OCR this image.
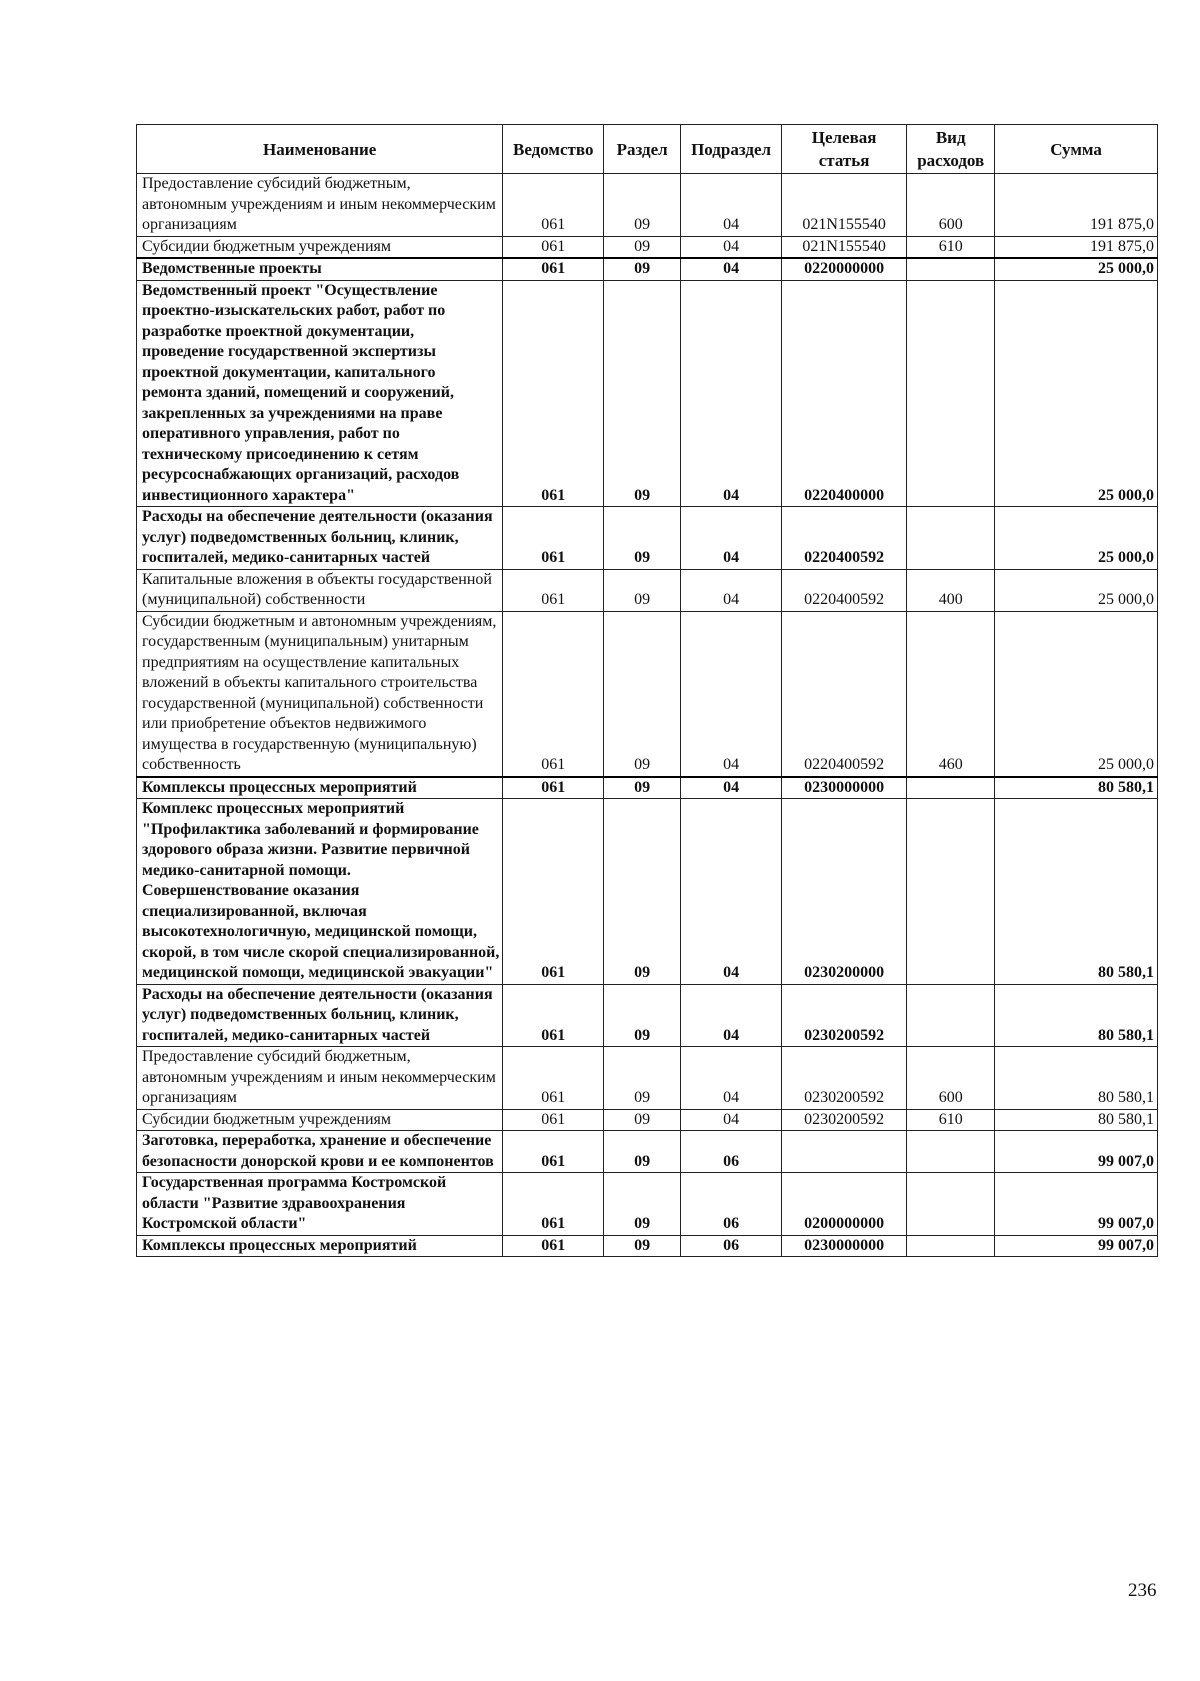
Наименование	Ведомство	Раздел	Подраздел	Целевая статья	Вид расходов	Сумма
Предоставление субсидий бюджетным, автономным учреждениям и иным некоммерческим организациям	061	09	04	021N155540	600	191 875,0
Субсидии бюджетным учреждениям	061	09	04	021N155540	610	191 875,0
Ведомственные проекты	061	09	04	0220000000		25 000,0
Ведомственный проект "Осуществление проектно-изыскательских работ, работ по разработке проектной документации, проведение государственной экспертизы проектной документации, капитального ремонта зданий, помещений и сооружений, закрепленных за учреждениями на праве оперативного управления, работ по техническому присоединению к сетям ресурсоснабжающих организаций, расходов инвестиционного характера"	061	09	04	0220400000		25 000,0
Расходы на обеспечение деятельности (оказания услуг) подведомственных больниц, клиник, госпиталей, медико-санитарных частей	061	09	04	0220400592		25 000,0
Капитальные вложения в объекты государственной (муниципальной) собственности	061	09	04	0220400592	400	25 000,0
Субсидии бюджетным и автономным учреждениям, государственным (муниципальным) унитарным предприятиям на осуществление капитальных вложений в объекты капитального строительства государственной (муниципальной) собственности или приобретение объектов недвижимого имущества в государственную (муниципальную) собственность	061	09	04	0220400592	460	25 000,0
Комплексы процессных мероприятий	061	09	04	0230000000		80 580,1
Комплекс процессных мероприятий "Профилактика заболеваний и формирование здорового образа жизни. Развитие первичной медико-санитарной помощи. Совершенствование оказания специализированной, включая высокотехнологичную, медицинской помощи, скорой, в том числе скорой специализированной, медицинской помощи, медицинской эвакуации"	061	09	04	0230200000		80 580,1
Расходы на обеспечение деятельности (оказания услуг) подведомственных больниц, клиник, госпиталей, медико-санитарных частей	061	09	04	0230200592		80 580,1
Предоставление субсидий бюджетным, автономным учреждениям и иным некоммерческим организациям	061	09	04	0230200592	600	80 580,1
Субсидии бюджетным учреждениям	061	09	04	0230200592	610	80 580,1
Заготовка, переработка, хранение и обеспечение безопасности донорской крови и ее компонентов	061	09	06			99 007,0
Государственная программа Костромской области "Развитие здравоохранения Костромской области"	061	09	06	0200000000		99 007,0
Комплексы процессных мероприятий	061	09	06	0230000000		99 007,0
236
